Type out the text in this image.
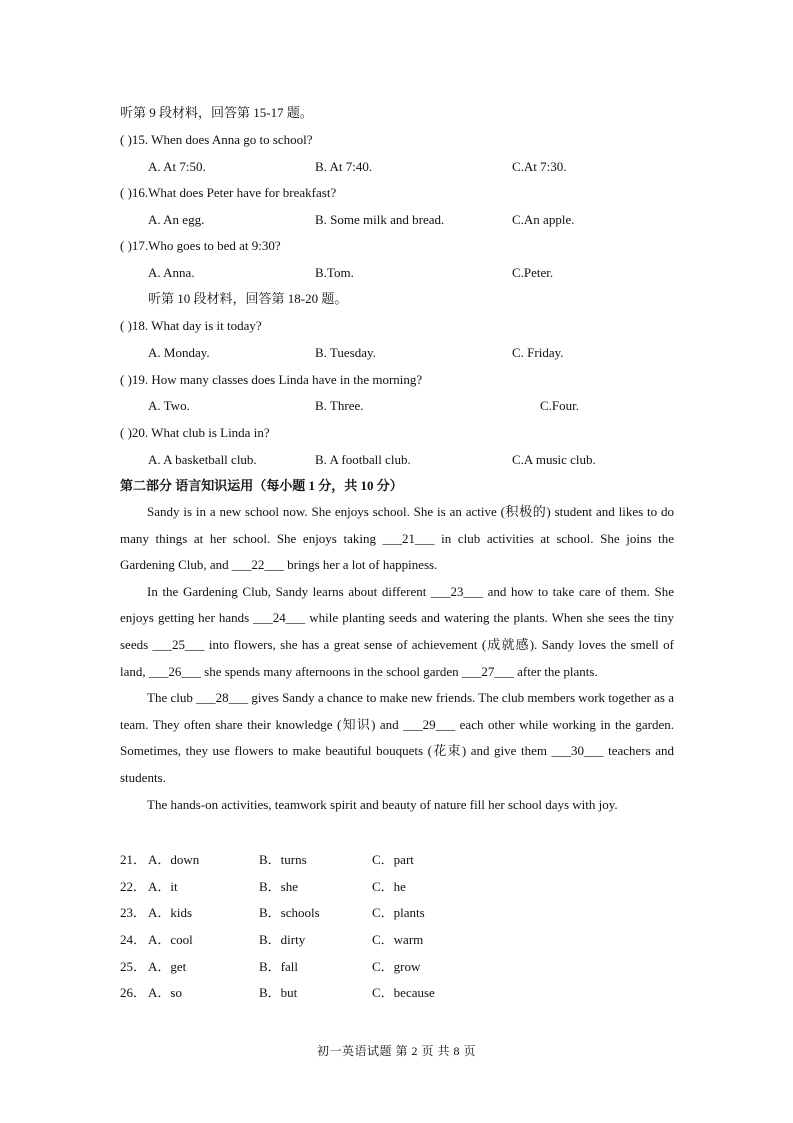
听第 9 段材料，回答第 15-17 题。
( )15. When does Anna go to school?
A. At 7:50.	B. At 7:40.	C.At 7:30.
( )16.What does Peter have for breakfast?
A. An egg.	B. Some milk and bread.	C.An apple.
( )17.Who goes to bed at 9:30?
A. Anna.	B.Tom.	C.Peter.
听第 10 段材料，回答第 18-20 题。
( )18. What day is it today?
A. Monday.	B. Tuesday.	C. Friday.
( )19. How many classes does Linda have in the morning?
A. Two.	B. Three.	C.Four.
( )20. What club is Linda in?
A. A basketball club.	B. A football club.	C.A music club.
第二部分 语言知识运用（每小题 1 分，共 10 分）

Sandy is in a new school now. She enjoys school. She is an active (积极的) student and likes to do many things at her school. She enjoys taking ___21___ in club activities at school. She joins the Gardening Club, and ___22___ brings her a lot of happiness.

In the Gardening Club, Sandy learns about different ___23___ and how to take care of them. She enjoys getting her hands ___24___ while planting seeds and watering the plants. When she sees the tiny seeds ___25___ into flowers, she has a great sense of achievement (成就感). Sandy loves the smell of land, ___26___ she spends many afternoons in the school garden ___27___ after the plants.

The club ___28___ gives Sandy a chance to make new friends. The club members work together as a team. They often share their knowledge (知识) and ___29___ each other while working in the garden. Sometimes, they use flowers to make beautiful bouquets (花束) and give them ___30___ teachers and students.

The hands-on activities, teamwork spirit and beauty of nature fill her school days with joy.

21． A．down	B．turns	C．part
22． A．it	B．she	C．he
23． A．kids	B．schools	C．plants
24． A．cool	B．dirty	C．warm
25． A．get	B．fall	C．grow
26． A．so	B．but	C．because
初一英语试题 第 2 页 共 8 页
